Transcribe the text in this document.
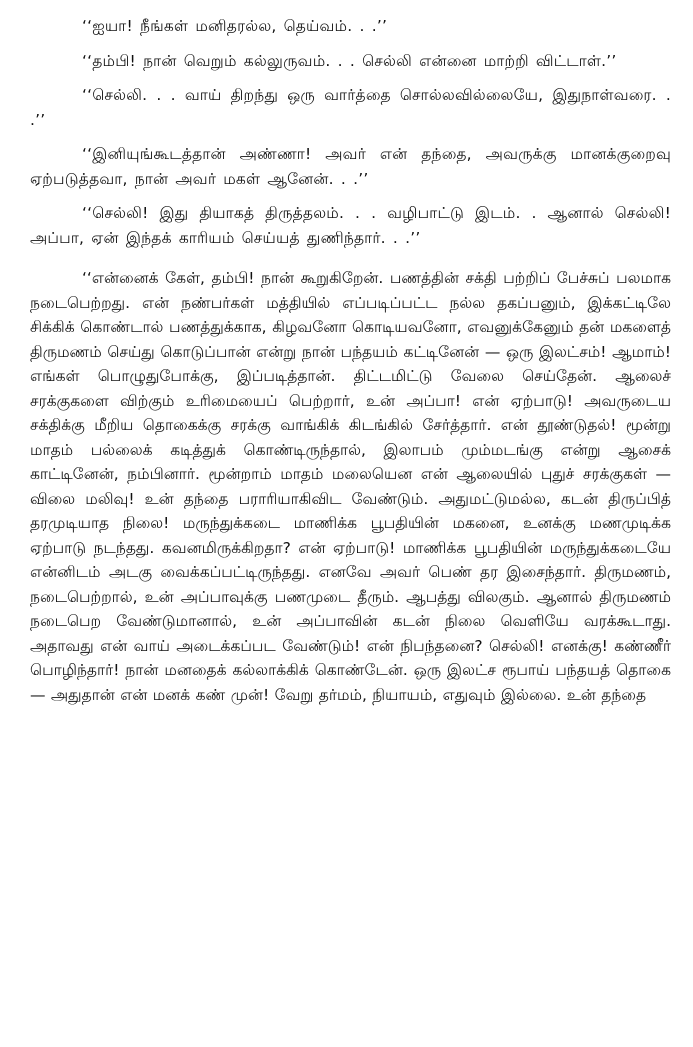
‘‘ஐயா! நீங்கள் மனிதரல்ல, தெய்வம். . .’’

‘‘தம்பி! நான் வெறும் கல்லுருவம். . . செல்லி என்னை மாற்றி விட்டாள்.’’

‘‘செல்லி. . . வாய் திறந்து ஒரு வார்த்தை சொல்லவில்லையே, இதுநாள்வரை. . .’’

‘‘இனியுங்கூடத்தான் அண்ணா! அவர் என் தந்தை, அவருக்கு மானக்குறைவு ஏற்படுத்தவா, நான் அவர் மகள் ஆனேன். . .’’

‘‘செல்லி! இது தியாகத் திருத்தலம். . . வழிபாட்டு இடம். . ஆனால் செல்லி! அப்பா, ஏன் இந்தக் காரியம் செய்யத் துணிந்தார். . .’’

‘‘என்னைக் கேள், தம்பி! நான் கூறுகிறேன். பணத்தின் சக்தி பற்றிப் பேச்சுப் பலமாக நடைபெற்றது. என் நண்பர்கள் மத்தியில் எப்படிப்பட்ட நல்ல தகப்பனும், இக்கட்டிலே சிக்கிக் கொண்டால் பணத்துக்காக, கிழவனோ கொடியவனோ, எவனுக்கேனும் தன் மகளைத் திருமணம் செய்து கொடுப்பான் என்று நான் பந்தயம் கட்டினேன் — ஒரு இலட்சம்! ஆமாம்! எங்கள் பொழுதுபோக்கு, இப்படித்தான். திட்டமிட்டு வேலை செய்தேன். ஆலைச் சரக்குகளை விற்கும் உரிமையைப் பெற்றார், உன் அப்பா! என் ஏற்பாடு! அவருடைய சக்திக்கு மீறிய தொகைக்கு சரக்கு வாங்கிக் கிடங்கில் சேர்த்தார். என் தூண்டுதல்! மூன்று மாதம் பல்லைக் கடித்துக் கொண்டிருந்தால், இலாபம் மும்மடங்கு என்று ஆசைக் காட்டினேன், நம்பினார். மூன்றாம் மாதம் மலையென என் ஆலையில் புதுச் சரக்குகள் — விலை மலிவு! உன் தந்தை பராரியாகிவிட வேண்டும். அதுமட்டுமல்ல, கடன் திருப்பித் தரமுடியாத நிலை! மருந்துக்கடை மாணிக்க பூபதியின் மகனை, உனக்கு மணமுடிக்க ஏற்பாடு நடந்தது. கவனமிருக்கிறதா? என் ஏற்பாடு! மாணிக்க பூபதியின் மருந்துக்கடையே என்னிடம் அடகு வைக்கப்பட்டிருந்தது. எனவே அவர் பெண் தர இசைந்தார். திருமணம், நடைபெற்றால், உன் அப்பாவுக்கு பணமுடை தீரும். ஆபத்து விலகும். ஆனால் திருமணம் நடைபெற வேண்டுமானால், உன் அப்பாவின் கடன் நிலை வெளியே வரக்கூடாது. அதாவது என் வாய் அடைக்கப்பட வேண்டும்! என் நிபந்தனை? செல்லி! எனக்கு! கண்ணீர் பொழிந்தார்! நான் மனதைக் கல்லாக்கிக் கொண்டேன். ஒரு இலட்ச ரூபாய் பந்தயத் தொகை — அதுதான் என் மனக் கண் முன்! வேறு தர்மம், நியாயம், எதுவும் இல்லை. உன் தந்தை
